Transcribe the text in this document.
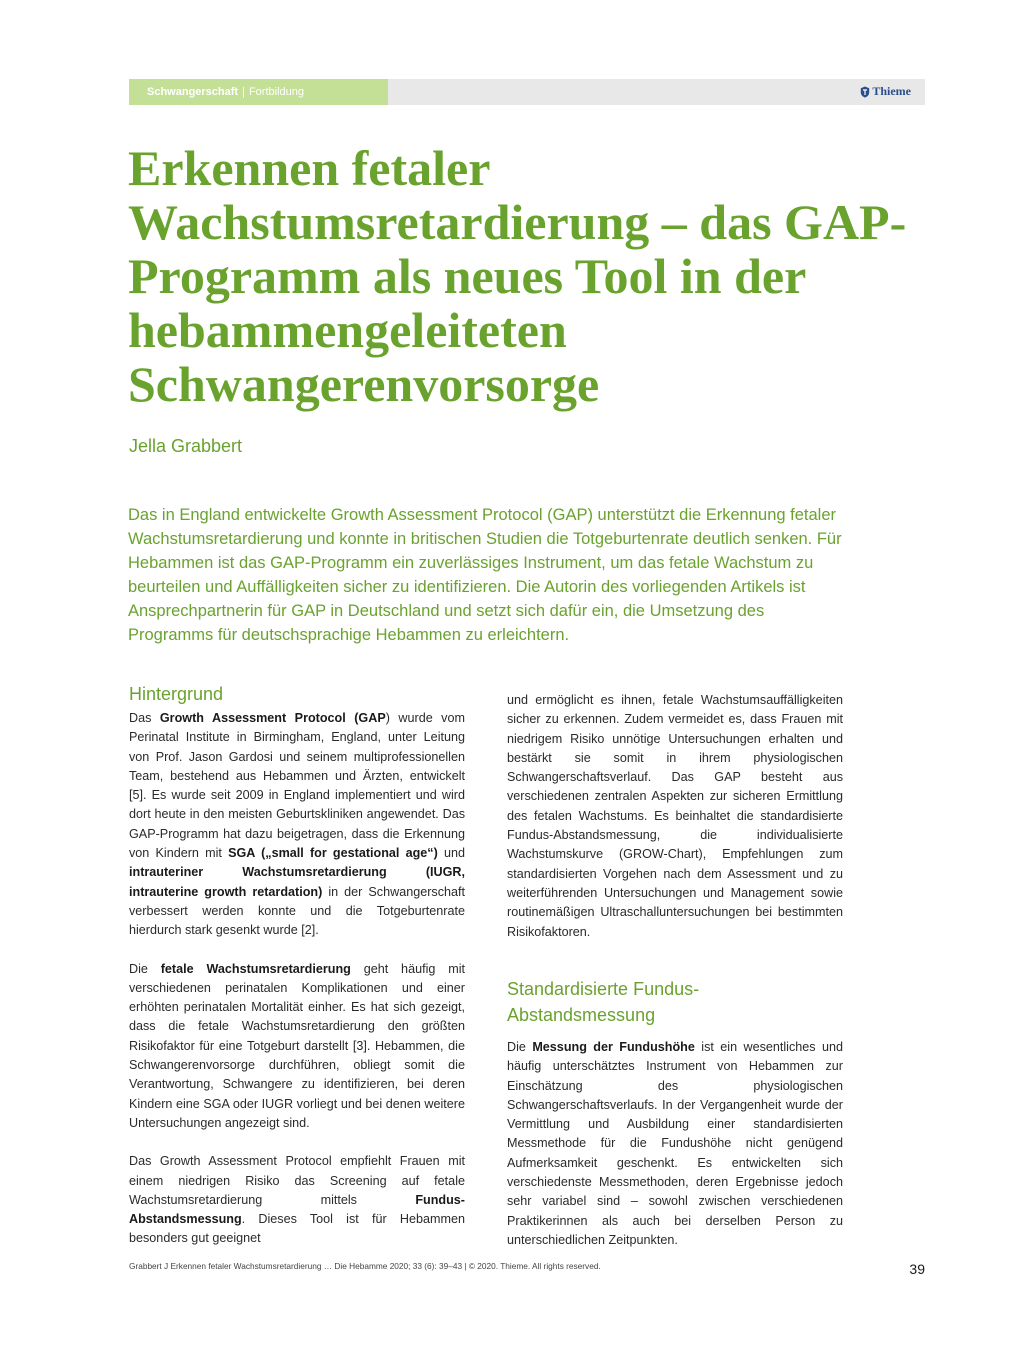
Schwangerschaft | Fortbildung	Thieme
Erkennen fetaler Wachstumsretardierung – das GAP-Programm als neues Tool in der hebammengeleiteten Schwangerenvorsorge
Jella Grabbert

Das in England entwickelte Growth Assessment Protocol (GAP) unterstützt die Erkennung fetaler Wachstumsretardierung und konnte in britischen Studien die Totgeburtenrate deutlich senken. Für Hebammen ist das GAP-Programm ein zuverlässiges Instrument, um das fetale Wachstum zu beurteilen und Auffälligkeiten sicher zu identifizieren. Die Autorin des vorliegenden Artikels ist Ansprechpartnerin für GAP in Deutschland und setzt sich dafür ein, die Umsetzung des Programms für deutschsprachige Hebammen zu erleichtern.

Hintergrund

Das Growth Assessment Protocol (GAP) wurde vom Perinatal Institute in Birmingham, England, unter Leitung von Prof. Jason Gardosi und seinem multiprofessionellen Team, bestehend aus Hebammen und Ärzten, entwickelt [5]. Es wurde seit 2009 in England implementiert und wird dort heute in den meisten Geburtskliniken angewendet. Das GAP-Programm hat dazu beigetragen, dass die Erkennung von Kindern mit SGA („small for gestational age“) und intrauteriner Wachstumsretardierung (IUGR, intrauterine growth retardation) in der Schwangerschaft verbessert werden konnte und die Totgeburtenrate hierdurch stark gesenkt wurde [2].

Die fetale Wachstumsretardierung geht häufig mit verschiedenen perinatalen Komplikationen und einer erhöhten perinatalen Mortalität einher. Es hat sich gezeigt, dass die fetale Wachstumsretardierung den größten Risikofaktor für eine Totgeburt darstellt [3]. Hebammen, die Schwangerenvorsorge durchführen, obliegt somit die Verantwortung, Schwangere zu identifizieren, bei deren Kindern eine SGA oder IUGR vorliegt und bei denen weitere Untersuchungen angezeigt sind.

Das Growth Assessment Protocol empfiehlt Frauen mit einem niedrigen Risiko das Screening auf fetale Wachstumsretardierung mittels Fundus-Abstandsmessung. Dieses Tool ist für Hebammen besonders gut geeignet

und ermöglicht es ihnen, fetale Wachstumsauffälligkeiten sicher zu erkennen. Zudem vermeidet es, dass Frauen mit niedrigem Risiko unnötige Untersuchungen erhalten und bestärkt sie somit in ihrem physiologischen Schwangerschaftsverlauf. Das GAP besteht aus verschiedenen zentralen Aspekten zur sicheren Ermittlung des fetalen Wachstums. Es beinhaltet die standardisierte Fundus-Abstandsmessung, die individualisierte Wachstumskurve (GROW-Chart), Empfehlungen zum standardisierten Vorgehen nach dem Assessment und zu weiterführenden Untersuchungen und Management sowie routinemäßigen Ultraschalluntersuchungen bei bestimmten Risikofaktoren.

Die Messung der Fundushöhe ist ein wesentliches und häufig unterschätztes Instrument von Hebammen zur Einschätzung des physiologischen Schwangerschaftsverlaufs. In der Vergangenheit wurde der Vermittlung und Ausbildung einer standardisierten Messmethode für die Fundushöhe nicht genügend Aufmerksamkeit geschenkt. Es entwickelten sich verschiedenste Messmethoden, deren Ergebnisse jedoch sehr variabel sind – sowohl zwischen verschiedenen Praktikerinnen als auch bei derselben Person zu unterschiedlichen Zeitpunkten.

Standardisierte Fundus-Abstandsmessung
Grabbert J Erkennen fetaler Wachstumsretardierung … Die Hebamme 2020; 33 (6): 39–43 | © 2020. Thieme. All rights reserved.	39
